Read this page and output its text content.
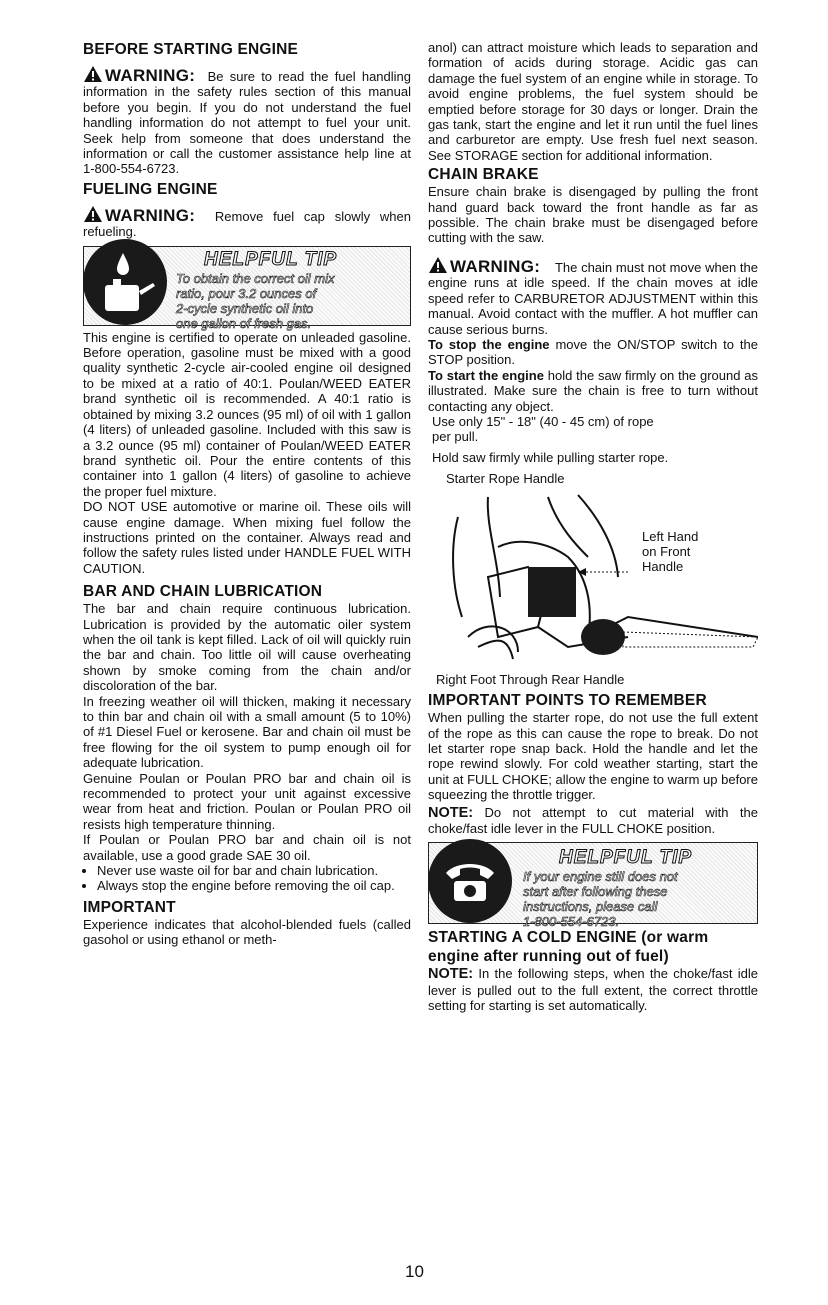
BEFORE STARTING ENGINE

WARNING: Be sure to read the fuel handling information in the safety rules section of this manual before you begin. If you do not understand the fuel handling information do not attempt to fuel your unit. Seek help from someone that does understand the information or call the customer assistance help line at 1-800-554-6723.

FUELING ENGINE

WARNING: Remove fuel cap slowly when refueling.

HELPFUL TIP
To obtain the correct oil mix
ratio, pour 3.2 ounces of
2-cycle synthetic oil into
one gallon of fresh gas.

This engine is certified to operate on unleaded gasoline. Before operation, gasoline must be mixed with a good quality synthetic 2-cycle air-cooled engine oil designed to be mixed at a ratio of 40:1. Poulan/WEED EATER brand synthetic oil is recommended. A 40:1 ratio is obtained by mixing 3.2 ounces (95 ml) of oil with 1 gallon (4 liters) of unleaded gasoline. Included with this saw is a 3.2 ounce (95 ml) container of Poulan/WEED EATER brand synthetic oil. Pour the entire contents of this container into 1 gallon (4 liters) of gasoline to achieve the proper fuel mixture.

DO NOT USE automotive or marine oil. These oils will cause engine damage. When mixing fuel follow the instructions printed on the container. Always read and follow the safety rules listed under HANDLE FUEL WITH CAUTION.

BAR AND CHAIN LUBRICATION

The bar and chain require continuous lubrication. Lubrication is provided by the automatic oiler system when the oil tank is kept filled. Lack of oil will quickly ruin the bar and chain. Too little oil will cause overheating shown by smoke coming from the chain and/or discoloration of the bar.

In freezing weather oil will thicken, making it necessary to thin bar and chain oil with a small amount (5 to 10%) of #1 Diesel Fuel or kerosene. Bar and chain oil must be free flowing for the oil system to pump enough oil for adequate lubrication.

Genuine Poulan or Poulan PRO bar and chain oil is recommended to protect your unit against excessive wear from heat and friction. Poulan or Poulan PRO oil resists high temperature thinning.

If Poulan or Poulan PRO bar and chain oil is not available, use a good grade SAE 30 oil.

• Never use waste oil for bar and chain lubrication.
• Always stop the engine before removing the oil cap.

IMPORTANT

Experience indicates that alcohol-blended fuels (called gasohol or using ethanol or meth-

anol) can attract moisture which leads to separation and formation of acids during storage. Acidic gas can damage the fuel system of an engine while in storage. To avoid engine problems, the fuel system should be emptied before storage for 30 days or longer. Drain the gas tank, start the engine and let it run until the fuel lines and carburetor are empty. Use fresh fuel next season. See STORAGE section for additional information.

CHAIN BRAKE

Ensure chain brake is disengaged by pulling the front hand guard back toward the front handle as far as possible. The chain brake must be disengaged before cutting with the saw.

WARNING: The chain must not move when the engine runs at idle speed. If the chain moves at idle speed refer to CARBURETOR ADJUSTMENT within this manual. Avoid contact with the muffler. A hot muffler can cause serious burns.

To stop the engine move the ON/STOP switch to the STOP position.

To start the engine hold the saw firmly on the ground as illustrated. Make sure the chain is free to turn without contacting any object.

Use only 15" - 18" (40 - 45 cm) of rope per pull.

Hold saw firmly while pulling starter rope.

Starter Rope Handle
Left Hand
on Front
Handle
Right Foot Through Rear Handle

IMPORTANT POINTS TO REMEMBER

When pulling the starter rope, do not use the full extent of the rope as this can cause the rope to break. Do not let starter rope snap back. Hold the handle and let the rope rewind slowly. For cold weather starting, start the unit at FULL CHOKE; allow the engine to warm up before squeezing the throttle trigger.

NOTE: Do not attempt to cut material with the choke/fast idle lever in the FULL CHOKE position.

HELPFUL TIP
If your engine still does not
start after following these
instructions, please call
1-800-554-6723.

STARTING A COLD ENGINE (or warm engine after running out of fuel)

NOTE: In the following steps, when the choke/fast idle lever is pulled out to the full extent, the correct throttle setting for starting is set automatically.

10
